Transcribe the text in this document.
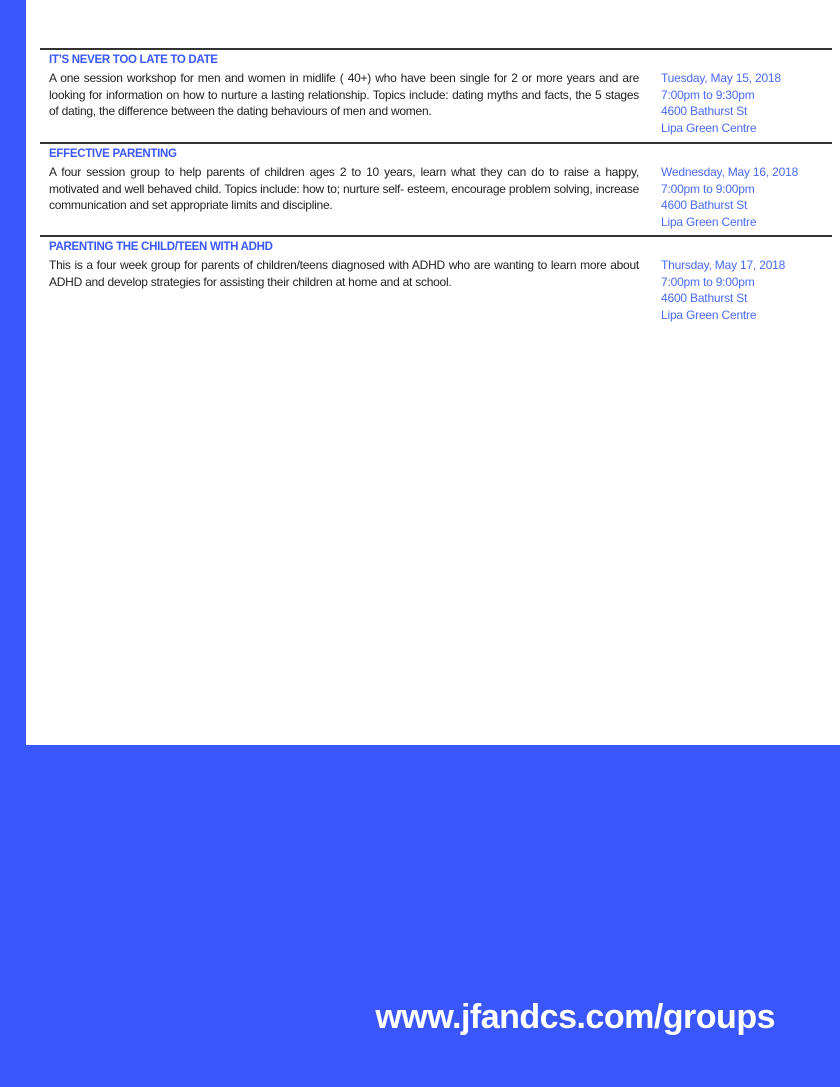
IT’S NEVER TOO LATE TO DATE
A one session workshop for men and women in midlife ( 40+) who have been single for 2 or more years and are looking for information on how to nurture a lasting relationship. Topics include: dating myths and facts, the 5 stages of dating, the difference between the dating behaviours of men and women.
Tuesday, May 15, 2018
7:00pm to 9:30pm
4600 Bathurst St
Lipa Green Centre
EFFECTIVE PARENTING
A four session group to help parents of children ages 2 to 10 years, learn what they can do to raise a happy, motivated and well behaved child. Topics include: how to; nurture self- esteem, encourage problem solving, increase communication and set appropriate limits and discipline.
Wednesday, May 16, 2018
7:00pm to 9:00pm
4600 Bathurst St
Lipa Green Centre
PARENTING THE CHILD/TEEN WITH ADHD
This is a four week group for parents of children/teens diagnosed with ADHD who are wanting to learn more about ADHD and develop strategies for assisting their children at home and at school.
Thursday, May 17, 2018
7:00pm to 9:00pm
4600 Bathurst St
Lipa Green Centre
www.jfandcs.com/groups
